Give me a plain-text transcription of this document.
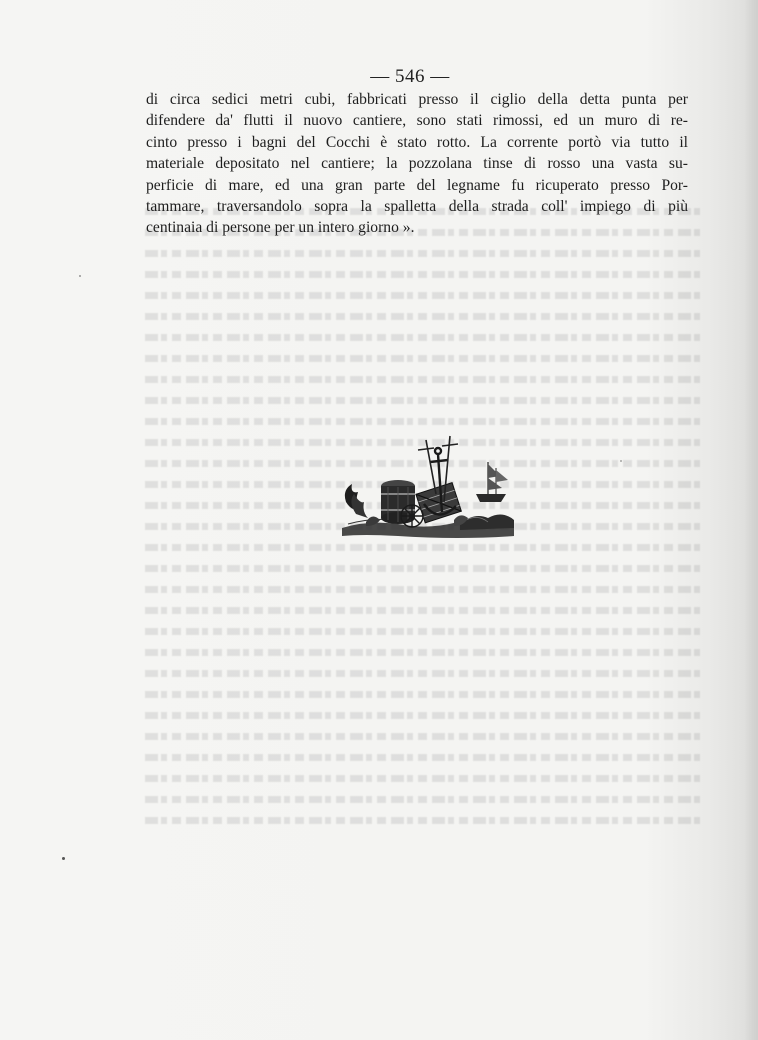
— 546 —
di circa sedici metri cubi, fabbricati presso il ciglio della detta punta per
difendere da' flutti il nuovo cantiere, sono stati rimossi, ed un muro di re-
cinto presso i bagni del Cocchi è stato rotto. La corrente portò via tutto il
materiale depositato nel cantiere; la pozzolana tinse di rosso una vasta su-
perficie di mare, ed una gran parte del legname fu ricuperato presso Por-
tammare, traversandolo sopra la spalletta della strada coll' impiego di più
centinaia di persone per un intero giorno ».
